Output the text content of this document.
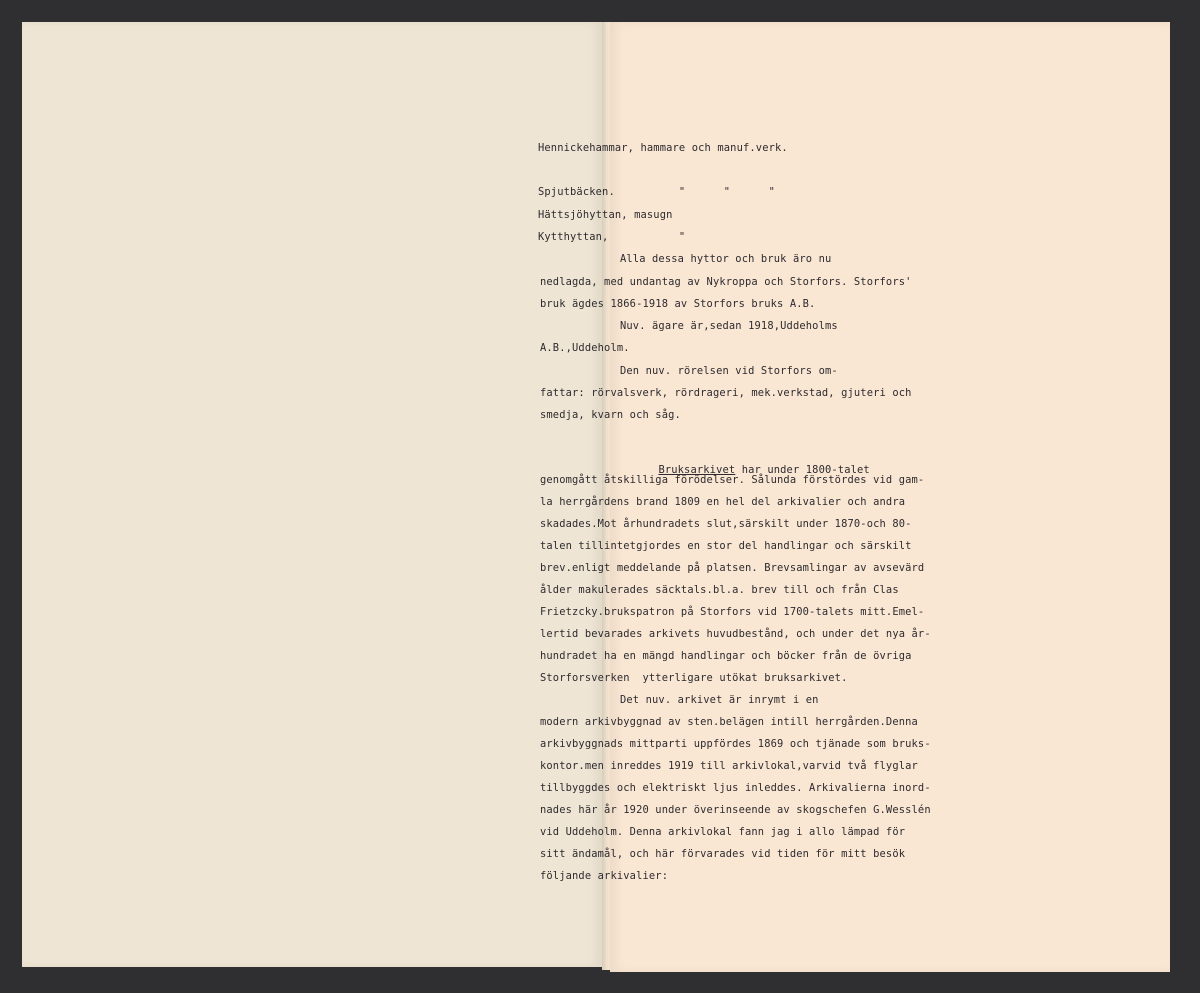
Hennickehammar, hammare och manuf.verk.

Spjutbäcken.          "      "      "

Hättsjöhyttan, masugn

Kytthyttan,           "

Alla dessa hyttor och bruk äro nu

nedlagda, med undantag av Nykroppa och Storfors. Storfors'

bruk ägdes 1866-1918 av Storfors bruks A.B.

Nuv. ägare är,sedan 1918,Uddeholms

A.B.,Uddeholm.

Den nuv. rörelsen vid Storfors om-

fattar: rörvalsverk, rördrageri, mek.verkstad, gjuteri och

smedja, kvarn och såg.

Bruksarkivet har under 1800-talet

genomgått åtskilliga förödelser. Sålunda förstördes vid gam-

la herrgårdens brand 1809 en hel del arkivalier och andra

skadades.Mot århundradets slut,särskilt under 1870-och 80-

talen tillintetgjordes en stor del handlingar och särskilt

brev.enligt meddelande på platsen. Brevsamlingar av avsevärd

ålder makulerades säcktals.bl.a. brev till och från Clas

Frietzcky.brukspatron på Storfors vid 1700-talets mitt.Emel-

lertid bevarades arkivets huvudbestånd, och under det nya år-

hundradet ha en mängd handlingar och böcker från de övriga

Storforsverken  ytterligare utökat bruksarkivet.

Det nuv. arkivet är inrymt i en

modern arkivbyggnad av sten.belägen intill herrgården.Denna

arkivbyggnads mittparti uppfördes 1869 och tjänade som bruks-

kontor.men inreddes 1919 till arkivlokal,varvid två flyglar

tillbyggdes och elektriskt ljus inleddes. Arkivalierna inord-

nades här år 1920 under överinseende av skogschefen G.Wesslén

vid Uddeholm. Denna arkivlokal fann jag i allo lämpad för

sitt ändamål, och här förvarades vid tiden för mitt besök

följande arkivalier:
